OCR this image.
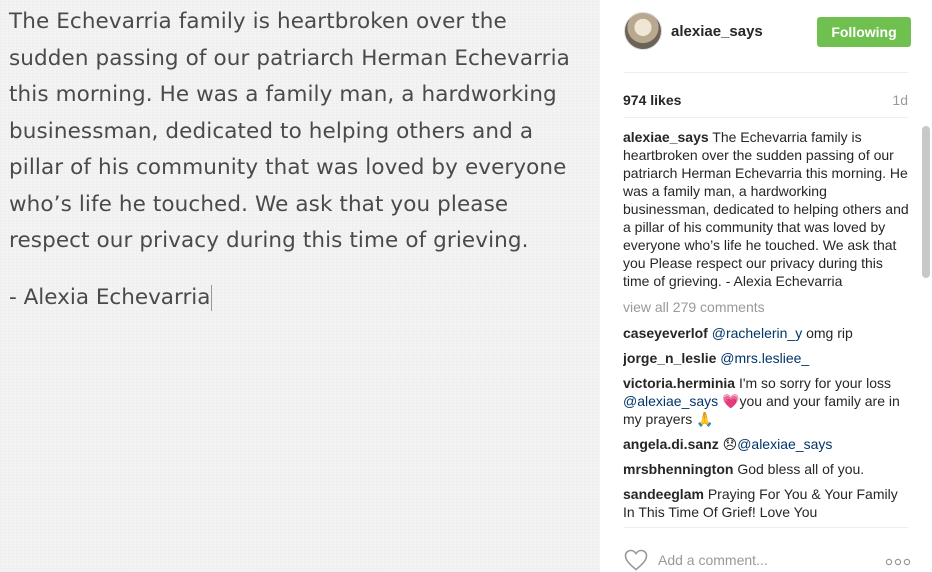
The Echevarria family is heartbroken over the
sudden passing of our patriarch Herman Echevarria
this morning. He was a family man, a hardworking
businessman, dedicated to helping others and a
pillar of his community that was loved by everyone
who’s life he touched. We ask that you please
respect our privacy during this time of grieving.
- Alexia Echevarria
alexiae_says	Following
974 likes	1d
alexiae_says The Echevarria family is heartbroken over the sudden passing of our patriarch Herman Echevarria this morning. He was a family man, a hardworking businessman, dedicated to helping others and a pillar of his community that was loved by everyone who’s life he touched. We ask that you Please respect our privacy during this time of grieving. - Alexia Echevarria
view all 279 comments
caseyeverlof @rachelerin_y omg rip
jorge_n_leslie @mrs.lesliee_
victoria.herminia I'm so sorry for your loss @alexiae_says 💗you and your family are in my prayers 🙏
angela.di.sanz 😞@alexiae_says
mrsbhennington God bless all of you.
sandeeglam Praying For You & Your Family In This Time Of Grief! Love You
Add a comment...
